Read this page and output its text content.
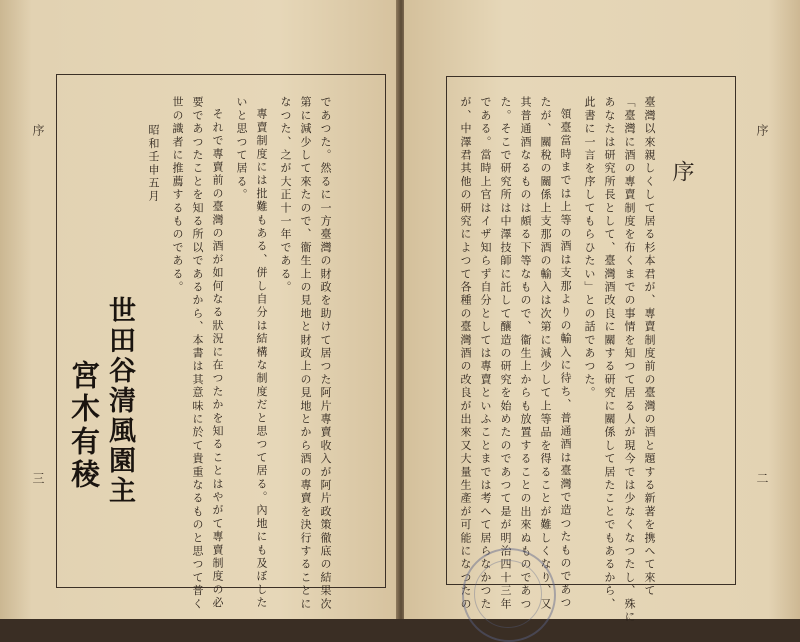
序
三	であつた。然るに一方臺灣の財政を助けて居つた阿片專賣收入が阿片政策徹底の結果次
第に減少して來たので、衞生上の見地と財政上の見地とから酒の專賣を決行することに
なつた、之が大正十一年である。
專賣制度には批難もある、併し自分は結構な制度だと思つて居る。內地にも及ぼした
いと思つて居る。
それで專賣前の臺灣の酒が如何なる狀況に在つたかを知ることはやがて專賣制度の必
要であつたことを知る所以であるから、本書は其意味に於て貴重なるものと思つて普く
世の識者に推薦するものである。
昭和壬申五月
世田谷清風園主
宮木有稜
序
二
序
臺灣以來親しくして居る杉本君が、專賣制度前の臺灣の酒と題する新著を携へて來て
「臺灣に酒の專賣制度を布くまでの事情を知つて居る人が現今では少なくなつたし、殊に
あなたは研究所長として、臺灣酒改良に關する研究に關係して居たことでもあるから、
此書に一言を序してもらひたい」との話であつた。
領臺當時までは上等の酒は支那よりの輸入に待ち、普通酒は臺灣で造つたものであつ
たが、關稅の關係上支那酒の輸入は次第に減少して上等品を得ることが難しくなり、又
其普通酒なるものは頗る下等なもので、衞生上からも放置することの出來ぬものであつ
た。そこで研究所は中澤技師に託して釀造の研究を始めたのであつて是が明治四十三年
である。當時上官はイザ知らず自分としては專賣といふことまでは考へて居らなかつた
が、中澤君其他の研究によつて各種の臺灣酒の改良が出來又大量生產が可能になつたの
